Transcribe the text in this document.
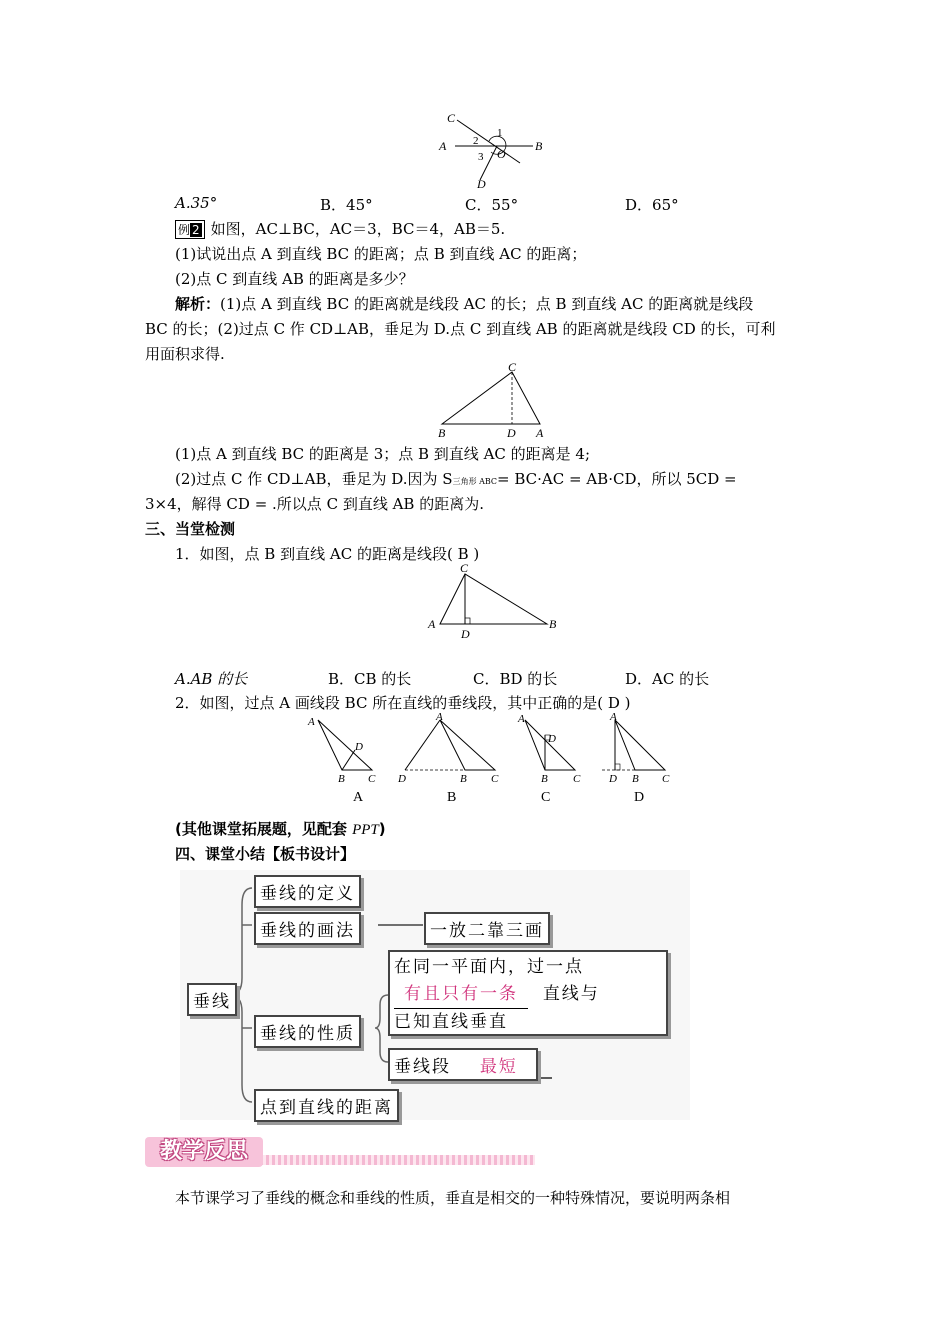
C
A	B
D
O
1
2
3
A.35°	B．45°	C．55°	D．65°
例 2 如图，AC⊥BC，AC＝3，BC＝4，AB＝5.
(1)试说出点 A 到直线 BC 的距离；点 B 到直线 AC 的距离；
(2)点 C 到直线 AB 的距离是多少？
解析：(1)点 A 到直线 BC 的距离就是线段 AC 的长；点 B 到直线 AC 的距离就是线段
BC 的长；(2)过点 C 作 CD⊥AB，垂足为 D.点 C 到直线 AB 的距离就是线段 CD 的长，可利
用面积求得.
C
B	D A
(1)点 A 到直线 BC 的距离是 3；点 B 到直线 AC 的距离是 4;
(2)过点 C 作 CD⊥AB，垂足为 D.因为 S三角形 ABC= BC·AC = AB·CD，所以 5CD =
3×4，解得 CD = .所以点 C 到直线 AB 的距离为.
三、当堂检测
1．如图，点 B 到直线 AC 的距离是线段( B )
C
A
D
B
A.AB 的长	B．CB 的长	C．BD 的长	D．AC 的长
2．如图，过点 A 画线段 BC 所在直线的垂线段，其中正确的是( D )
A
D
B C
A
D	B C
A
D
B C
A
D B C
A	B	C	D
(其他课堂拓展题，见配套 PPT)
四、课堂小结【板书设计】
垂线
垂线的定义
垂线的画法	一放二靠三画
垂线的性质
在同一平面内，过一点
有且只有一条 直线与
已知直线垂直
垂线段 最短
点到直线的距离
教学反思
本节课学习了垂线的概念和垂线的性质，垂直是相交的一种特殊情况，要说明两条相
